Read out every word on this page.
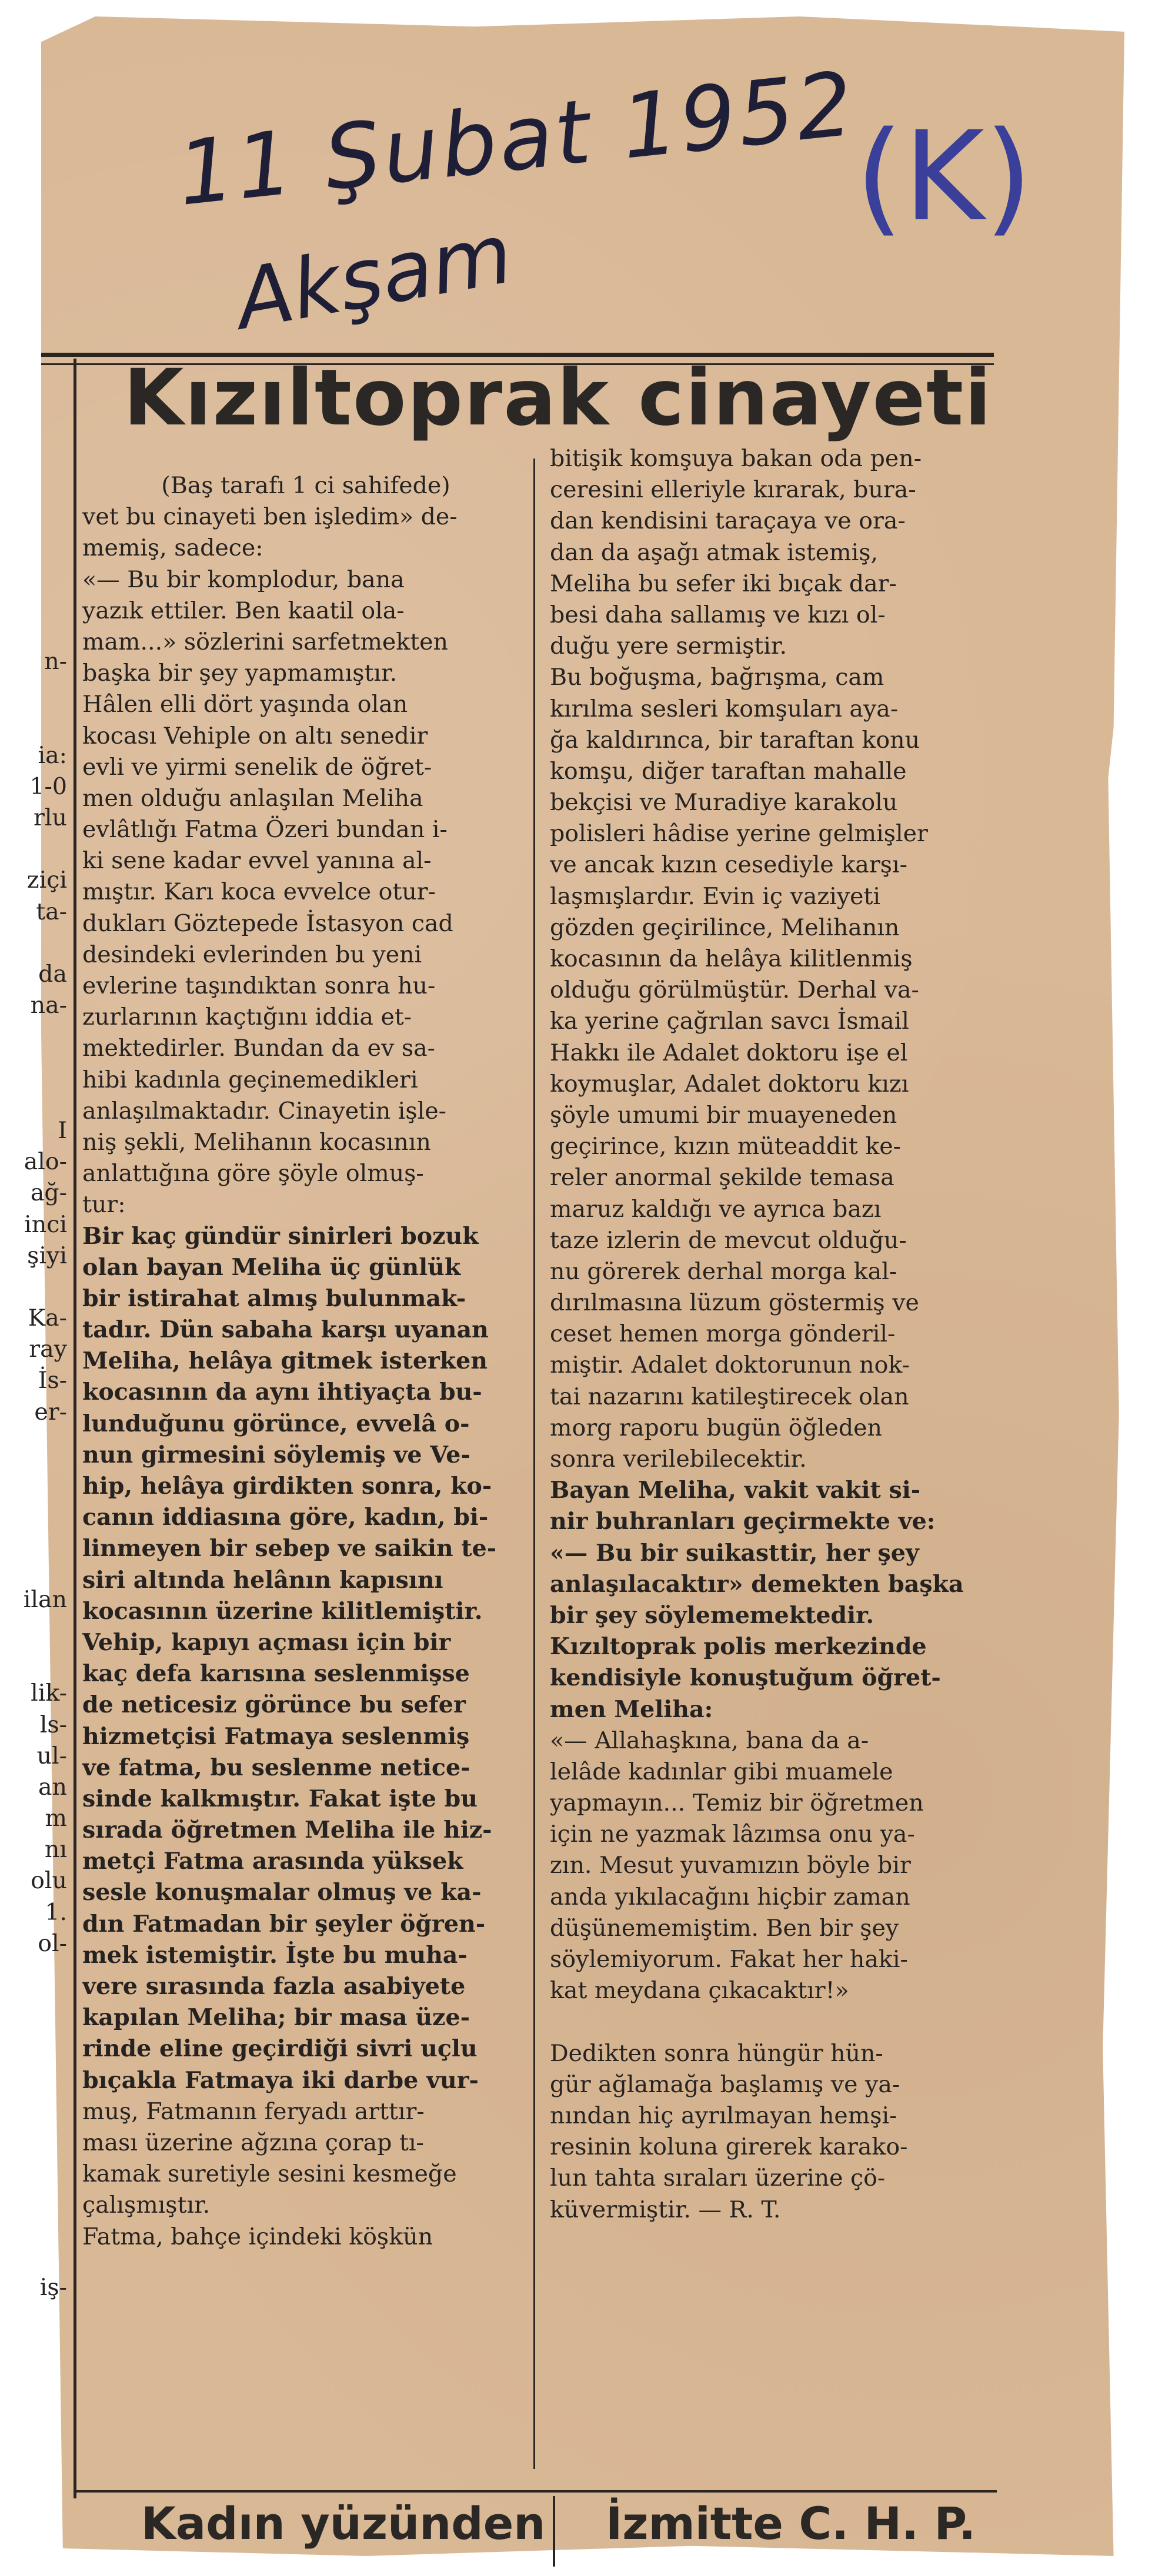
11 Şubat 1952
Akşam
(K)
Kızıltoprak cinayeti
n-
ia:
1-0
rlu
ziçi
ta-
da
na-
I
alo-
ağ-
inci
şiyi
Ka-
ray
İs-
er-
ilan
lik-
ls-
ul-
an
m
nı
olu
1.
ol-
iş-
(Baş tarafı 1 ci sahifede)
vet bu cinayeti ben işledim» de-
memiş, sadece:
«— Bu bir komplodur, bana
yazık ettiler. Ben kaatil ola-
mam...» sözlerini sarfetmekten
başka bir şey yapmamıştır.
Hâlen elli dört yaşında olan
kocası Vehiple on altı senedir
evli ve yirmi senelik de öğret-
men olduğu anlaşılan Meliha
evlâtlığı Fatma Özeri bundan i-
ki sene kadar evvel yanına al-
mıştır. Karı koca evvelce otur-
dukları Göztepede İstasyon cad
desindeki evlerinden bu yeni
evlerine taşındıktan sonra hu-
zurlarının kaçtığını iddia et-
mektedirler. Bundan da ev sa-
hibi kadınla geçinemedikleri
anlaşılmaktadır. Cinayetin işle-
niş şekli, Melihanın kocasının
anlattığına göre şöyle olmuş-
tur:
Bir kaç gündür sinirleri bozuk
olan bayan Meliha üç günlük
bir istirahat almış bulunmak-
tadır. Dün sabaha karşı uyanan
Meliha, helâya gitmek isterken
kocasının da aynı ihtiyaçta bu-
lunduğunu görünce, evvelâ o-
nun girmesini söylemiş ve Ve-
hip, helâya girdikten sonra, ko-
canın iddiasına göre, kadın, bi-
linmeyen bir sebep ve saikin te-
siri altında helânın kapısını
kocasının üzerine kilitlemiştir.
Vehip, kapıyı açması için bir
kaç defa karısına seslenmişse
de neticesiz görünce bu sefer
hizmetçisi Fatmaya seslenmiş
ve fatma, bu seslenme netice-
sinde kalkmıştır. Fakat işte bu
sırada öğretmen Meliha ile hiz-
metçi Fatma arasında yüksek
sesle konuşmalar olmuş ve ka-
dın Fatmadan bir şeyler öğren-
mek istemiştir. İşte bu muha-
vere sırasında fazla asabiyete
kapılan Meliha; bir masa üze-
rinde eline geçirdiği sivri uçlu
bıçakla Fatmaya iki darbe vur-
muş, Fatmanın feryadı arttır-
ması üzerine ağzına çorap tı-
kamak suretiyle sesini kesmeğe
çalışmıştır.
Fatma, bahçe içindeki köşkün
bitişik komşuya bakan oda pen-
ceresini elleriyle kırarak, bura-
dan kendisini taraçaya ve ora-
dan da aşağı atmak istemiş,
Meliha bu sefer iki bıçak dar-
besi daha sallamış ve kızı ol-
duğu yere sermiştir.
Bu boğuşma, bağrışma, cam
kırılma sesleri komşuları aya-
ğa kaldırınca, bir taraftan konu
komşu, diğer taraftan mahalle
bekçisi ve Muradiye karakolu
polisleri hâdise yerine gelmişler
ve ancak kızın cesediyle karşı-
laşmışlardır. Evin iç vaziyeti
gözden geçirilince, Melihanın
kocasının da helâya kilitlenmiş
olduğu görülmüştür. Derhal va-
ka yerine çağrılan savcı İsmail
Hakkı ile Adalet doktoru işe el
koymuşlar, Adalet doktoru kızı
şöyle umumi bir muayeneden
geçirince, kızın müteaddit ke-
reler anormal şekilde temasa
maruz kaldığı ve ayrıca bazı
taze izlerin de mevcut olduğu-
nu görerek derhal morga kal-
dırılmasına lüzum göstermiş ve
ceset hemen morga gönderil-
miştir. Adalet doktorunun nok-
tai nazarını katileştirecek olan
morg raporu bugün öğleden
sonra verilebilecektir.
Bayan Meliha, vakit vakit si-
nir buhranları geçirmekte ve:
«— Bu bir suikasttir, her şey
anlaşılacaktır» demekten başka
bir şey söylememektedir.
Kızıltoprak polis merkezinde
kendisiyle konuştuğum öğret-
men Meliha:
«— Allahaşkına, bana da a-
lelâde kadınlar gibi muamele
yapmayın... Temiz bir öğretmen
için ne yazmak lâzımsa onu ya-
zın. Mesut yuvamızın böyle bir
anda yıkılacağını hiçbir zaman
düşünememiştim. Ben bir şey
söylemiyorum. Fakat her haki-
kat meydana çıkacaktır!»
Dedikten sonra hüngür hün-
gür ağlamağa başlamış ve ya-
nından hiç ayrılmayan hemşi-
resinin koluna girerek karako-
lun tahta sıraları üzerine çö-
küvermiştir. — R. T.
Kadın yüzünden İzmitte C. H. P.
